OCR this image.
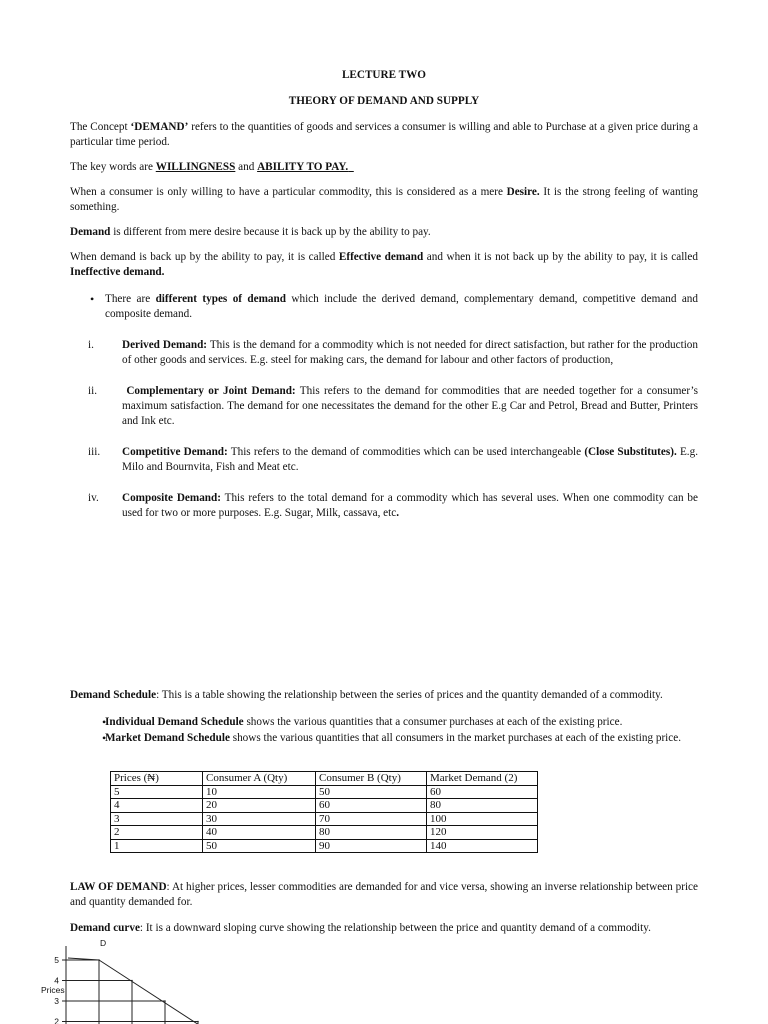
LECTURE TWO
THEORY OF DEMAND AND SUPPLY
The Concept ‘DEMAND’ refers to the quantities of goods and services a consumer is willing and able to Purchase at a given price during a particular time period.
The key words are WILLINGNESS and ABILITY TO PAY.
When a consumer is only willing to have a particular commodity, this is considered as a mere Desire. It is the strong feeling of wanting something.
Demand is different from mere desire because it is back up by the ability to pay.
When demand is back up by the ability to pay, it is called Effective demand and when it is not back up by the ability to pay, it is called Ineffective demand.
• There are different types of demand which include the derived demand, complementary demand, competitive demand and composite demand.
i.	Derived Demand: This is the demand for a commodity which is not needed for direct satisfaction, but rather for the production of other goods and services. E.g. steel for making cars, the demand for labour and other factors of production,
ii. Complementary or Joint Demand: This refers to the demand for commodities that are needed together for a consumer’s maximum satisfaction. The demand for one necessitates the demand for the other E.g Car and Petrol, Bread and Butter, Printers and Ink etc.
iii. Competitive Demand: This refers to the demand of commodities which can be used interchangeable (Close Substitutes). E.g. Milo and Bournvita, Fish and Meat etc.
iv. Composite Demand: This refers to the total demand for a commodity which has several uses. When one commodity can be used for two or more purposes. E.g. Sugar, Milk, cassava, etc.
Demand Schedule: This is a table showing the relationship between the series of prices and the quantity demanded of a commodity.
•
Individual Demand Schedule shows the various quantities that a consumer purchases at each of the existing price.
•
Market Demand Schedule shows the various quantities that all consumers in the market purchases at each of the existing price.
Prices (₦)	Consumer A (Qty)	Consumer B (Qty)	Market Demand (2)
5	10	50	60
4	20	60	80
3	30	70	100
2	40	80	120
1	50	90	140
LAW OF DEMAND: At higher prices, lesser commodities are demanded for and vice versa, showing an inverse relationship between price and quantity demanded for.
Demand curve: It is a downward sloping curve showing the relationship between the price and quantity demand of a commodity.
5
4
3
2
Prices
D
